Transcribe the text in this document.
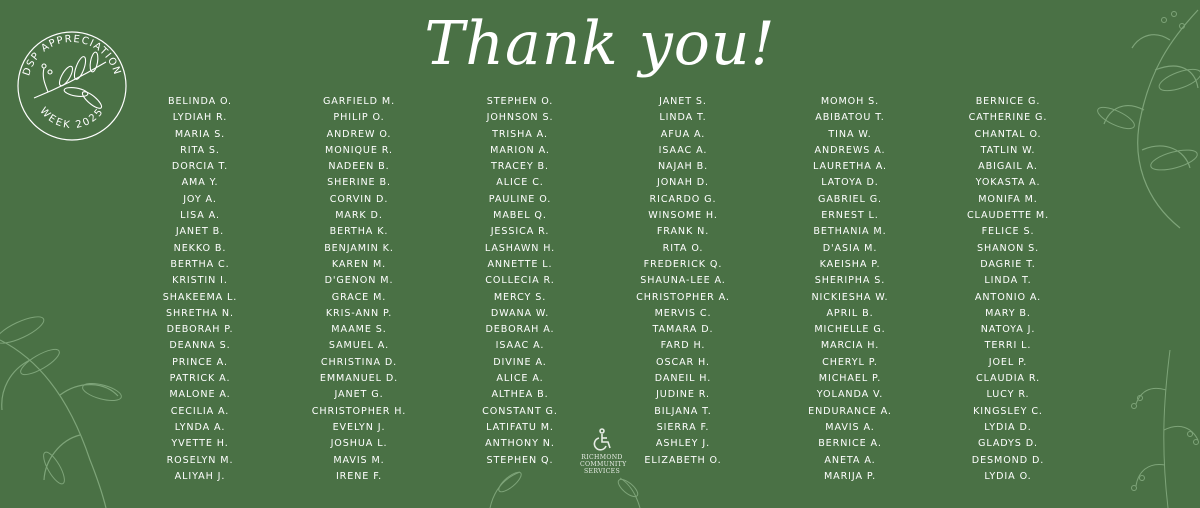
DSP APPRECIATION
WEEK 2025
Thank you!
BELINDA O.
LYDIAH R.
MARIA S.
RITA S.
DORCIA T.
AMA Y.
JOY A.
LISA A.
JANET B.
NEKKO B.
BERTHA C.
KRISTIN I.
SHAKEEMA L.
SHRETHA N.
DEBORAH P.
DEANNA S.
PRINCE A.
PATRICK A.
MALONE A.
CECILIA A.
LYNDA A.
YVETTE H.
ROSELYN M.
ALIYAH J.
GARFIELD M.
PHILIP O.
ANDREW O.
MONIQUE R.
NADEEN B.
SHERINE B.
CORVIN D.
MARK D.
BERTHA K.
BENJAMIN K.
KAREN M.
D'GENON M.
GRACE M.
KRIS-ANN P.
MAAME S.
SAMUEL A.
CHRISTINA D.
EMMANUEL D.
JANET G.
CHRISTOPHER H.
EVELYN J.
JOSHUA L.
MAVIS M.
IRENE F.
STEPHEN O.
JOHNSON S.
TRISHA A.
MARION A.
TRACEY B.
ALICE C.
PAULINE O.
MABEL Q.
JESSICA R.
LASHAWN H.
ANNETTE L.
COLLECIA R.
MERCY S.
DWANA W.
DEBORAH A.
ISAAC A.
DIVINE A.
ALICE A.
ALTHEA B.
CONSTANT G.
LATIFATU M.
ANTHONY N.
STEPHEN Q.
JANET S.
LINDA T.
AFUA A.
ISAAC A.
NAJAH B.
JONAH D.
RICARDO G.
WINSOME H.
FRANK N.
RITA O.
FREDERICK Q.
SHAUNA-LEE A.
CHRISTOPHER A.
MERVIS C.
TAMARA D.
FARD H.
OSCAR H.
DANEIL H.
JUDINE R.
BILJANA T.
SIERRA F.
ASHLEY J.
ELIZABETH O.
MOMOH S.
ABIBATOU T.
TINA W.
ANDREWS A.
LAURETHA A.
LATOYA D.
GABRIEL G.
ERNEST L.
BETHANIA M.
D'ASIA M.
KAEISHA P.
SHERIPHA S.
NICKIESHA W.
APRIL B.
MICHELLE G.
MARCIA H.
CHERYL P.
MICHAEL P.
YOLANDA V.
ENDURANCE A.
MAVIS A.
BERNICE A.
ANETA A.
MARIJA P.
BERNICE G.
CATHERINE G.
CHANTAL O.
TATLIN W.
ABIGAIL A.
YOKASTA A.
MONIFA M.
CLAUDETTE M.
FELICE S.
SHANON S.
DAGRIE T.
LINDA T.
ANTONIO A.
MARY B.
NATOYA J.
TERRI L.
JOEL P.
CLAUDIA R.
LUCY R.
KINGSLEY C.
LYDIA D.
GLADYS D.
DESMOND D.
LYDIA O.
RICHMOND
COMMUNITY
SERVICES
